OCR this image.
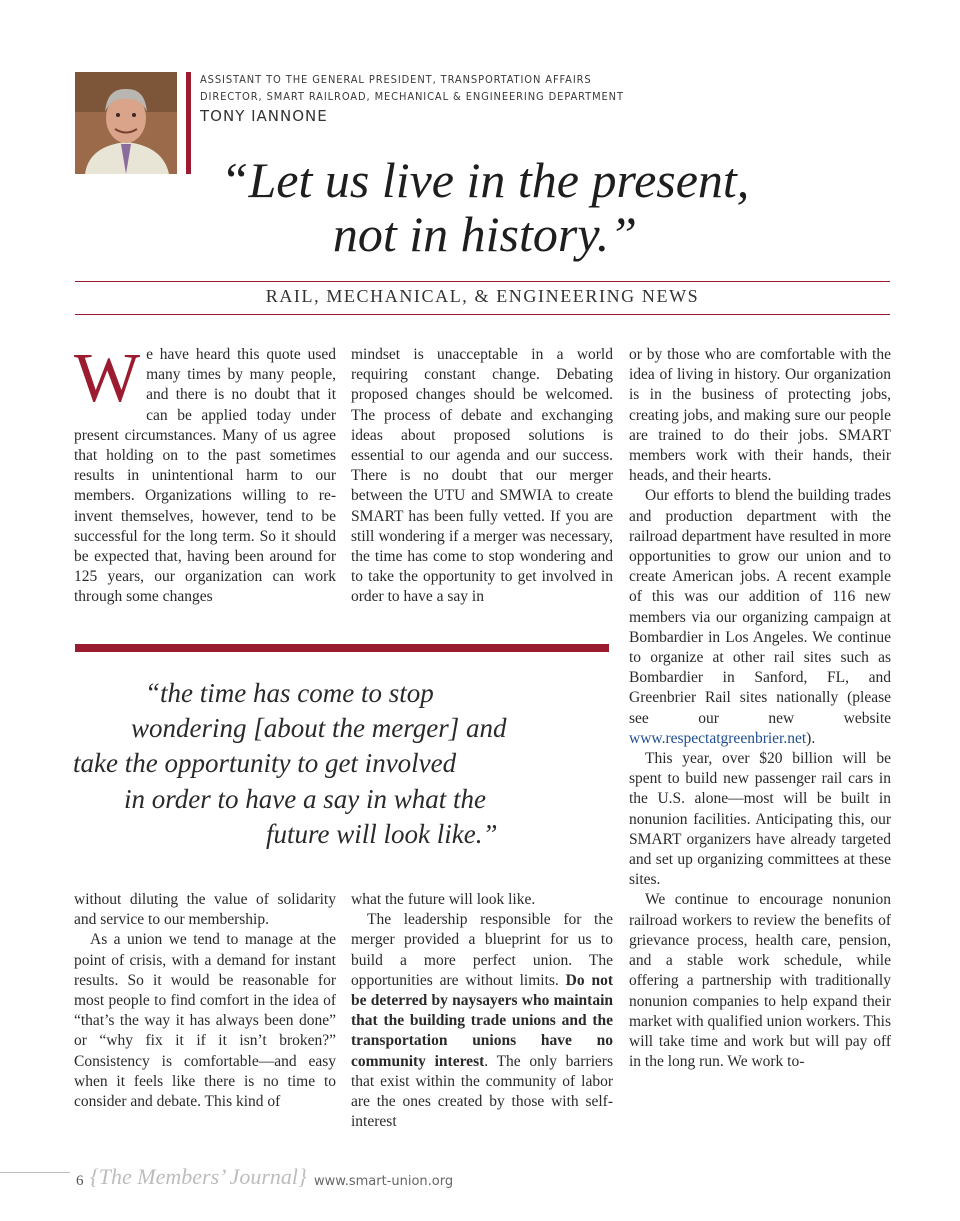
ASSISTANT TO THE GENERAL PRESIDENT, TRANSPORTATION AFFAIRS
DIRECTOR, SMART RAILROAD, MECHANICAL & ENGINEERING DEPARTMENT
TONY IANNONE
“Let us live in the present,
not in history.”
RAIL, MECHANICAL, & ENGINEERING NEWS

We have heard this quote used many times by many people, and there is no doubt that it can be applied today under present circumstances. Many of us agree that holding on to the past sometimes results in unintentional harm to our members. Organizations willing to re-invent themselves, however, tend to be successful for the long term. So it should be expected that, having been around for 125 years, our organization can work through some changes

mindset is unacceptable in a world requiring constant change. Debating proposed changes should be welcomed. The process of debate and exchanging ideas about proposed solutions is essential to our agenda and our success. There is no doubt that our merger between the UTU and SMWIA to create SMART has been fully vetted. If you are still wondering if a merger was necessary, the time has come to stop wondering and to take the opportunity to get involved in order to have a say in

or by those who are comfortable with the idea of living in history. Our organization is in the business of protecting jobs, creating jobs, and making sure our people are trained to do their jobs. SMART members work with their hands, their heads, and their hearts.

Our efforts to blend the building trades and production department with the railroad department have resulted in more opportunities to grow our union and to create American jobs. A recent example of this was our addition of 116 new members via our organizing campaign at Bombardier in Los Angeles. We continue to organize at other rail sites such as Bombardier in Sanford, FL, and Greenbrier Rail sites nationally (please see our new website www.respectatgreenbrier.net).

This year, over $20 billion will be spent to build new passenger rail cars in the U.S. alone—most will be built in nonunion facilities. Anticipating this, our SMART organizers have already targeted and set up organizing committees at these sites.

We continue to encourage nonunion railroad workers to review the benefits of grievance process, health care, pension, and a stable work schedule, while offering a partnership with traditionally nonunion companies to help expand their market with qualified union workers. This will take time and work but will pay off in the long run. We work to-

“the time has come to stop
wondering [about the merger] and
take the opportunity to get involved
in order to have a say in what the
future will look like.”

without diluting the value of solidarity and service to our membership.

As a union we tend to manage at the point of crisis, with a demand for instant results. So it would be reasonable for most people to find comfort in the idea of “that’s the way it has always been done” or “why fix it if it isn’t broken?” Consistency is comfortable—and easy when it feels like there is no time to consider and debate. This kind of

what the future will look like.

The leadership responsible for the merger provided a blueprint for us to build a more perfect union. The opportunities are without limits. Do not be deterred by naysayers who maintain that the building trade unions and the transportation unions have no community interest. The only barriers that exist within the community of labor are the ones created by those with self-interest

6 {The Members’ Journal} www.smart-union.org
